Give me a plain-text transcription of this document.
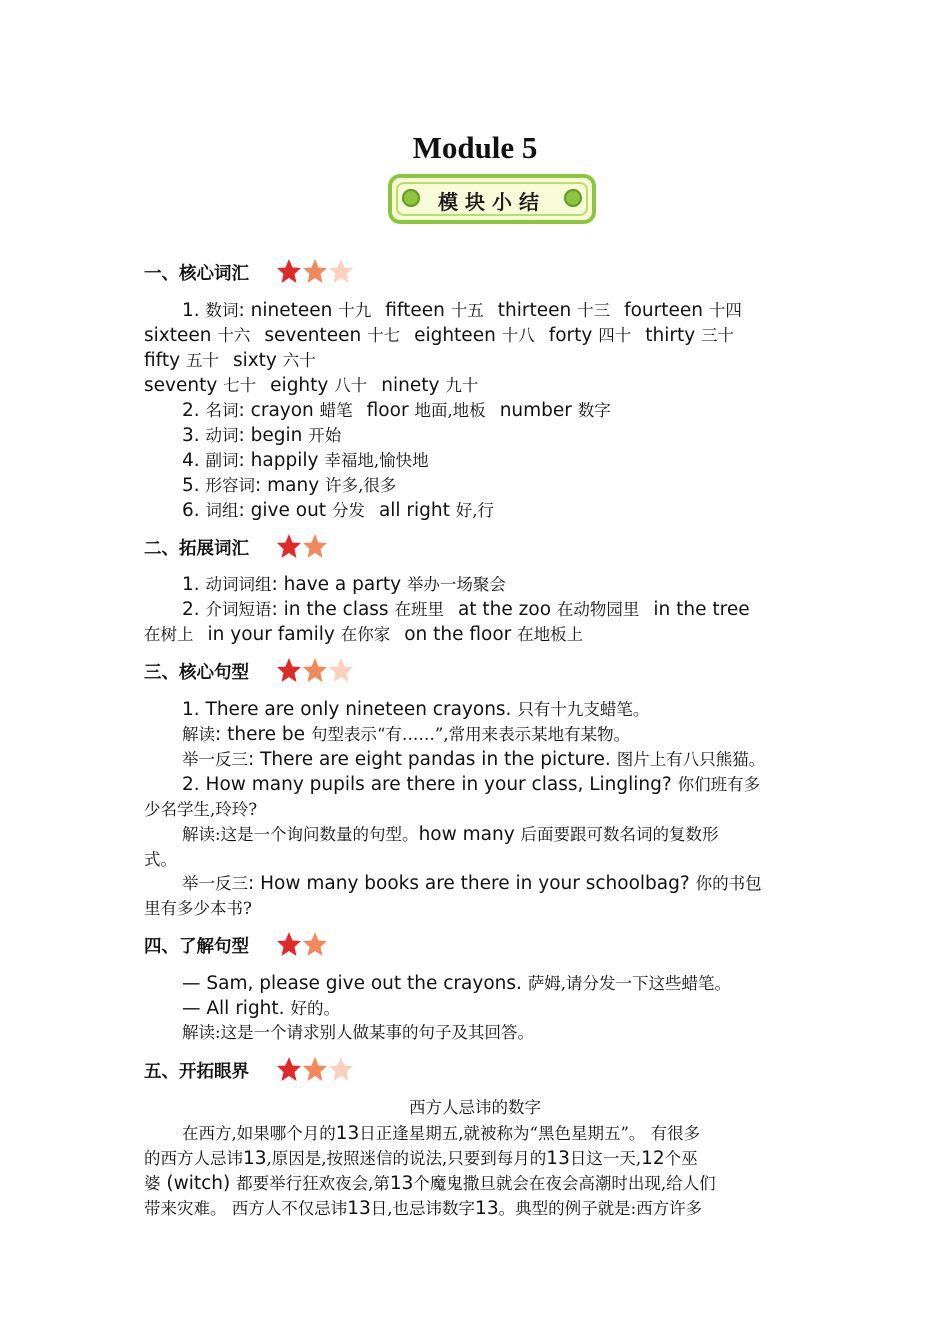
Module 5
模块小结
一、核心词汇
1. 数词: nineteen 十九 fifteen 十五 thirteen 十三 fourteen 十四
sixteen 十六 seventeen 十七 eighteen 十八 forty 四十 thirty 三十
fifty 五十 sixty 六十
seventy 七十 eighty 八十 ninety 九十
2. 名词: crayon 蜡笔 floor 地面,地板 number 数字
3. 动词: begin 开始
4. 副词: happily 幸福地,愉快地
5. 形容词: many 许多,很多
6. 词组: give out 分发 all right 好,行
二、拓展词汇
1. 动词词组: have a party 举办一场聚会
2. 介词短语: in the class 在班里 at the zoo 在动物园里 in the tree
在树上 in your family 在你家 on the floor 在地板上
三、核心句型
1. There are only nineteen crayons. 只有十九支蜡笔。
解读: there be 句型表示“有……”,常用来表示某地有某物。
举一反三: There are eight pandas in the picture. 图片上有八只熊猫。
2. How many pupils are there in your class, Lingling? 你们班有多
少名学生,玲玲?
解读:这是一个询问数量的句型。how many 后面要跟可数名词的复数形
式。
举一反三: How many books are there in your schoolbag? 你的书包
里有多少本书?
四、了解句型
— Sam, please give out the crayons. 萨姆,请分发一下这些蜡笔。
— All right. 好的。
解读:这是一个请求别人做某事的句子及其回答。
五、开拓眼界
西方人忌讳的数字
在西方,如果哪个月的13日正逢星期五,就被称为“黑色星期五”。 有很多
的西方人忌讳13,原因是,按照迷信的说法,只要到每月的13日这一天,12个巫
婆 (witch) 都要举行狂欢夜会,第13个魔鬼撒旦就会在夜会高潮时出现,给人们
带来灾难。 西方人不仅忌讳13日,也忌讳数字13。典型的例子就是:西方许多
